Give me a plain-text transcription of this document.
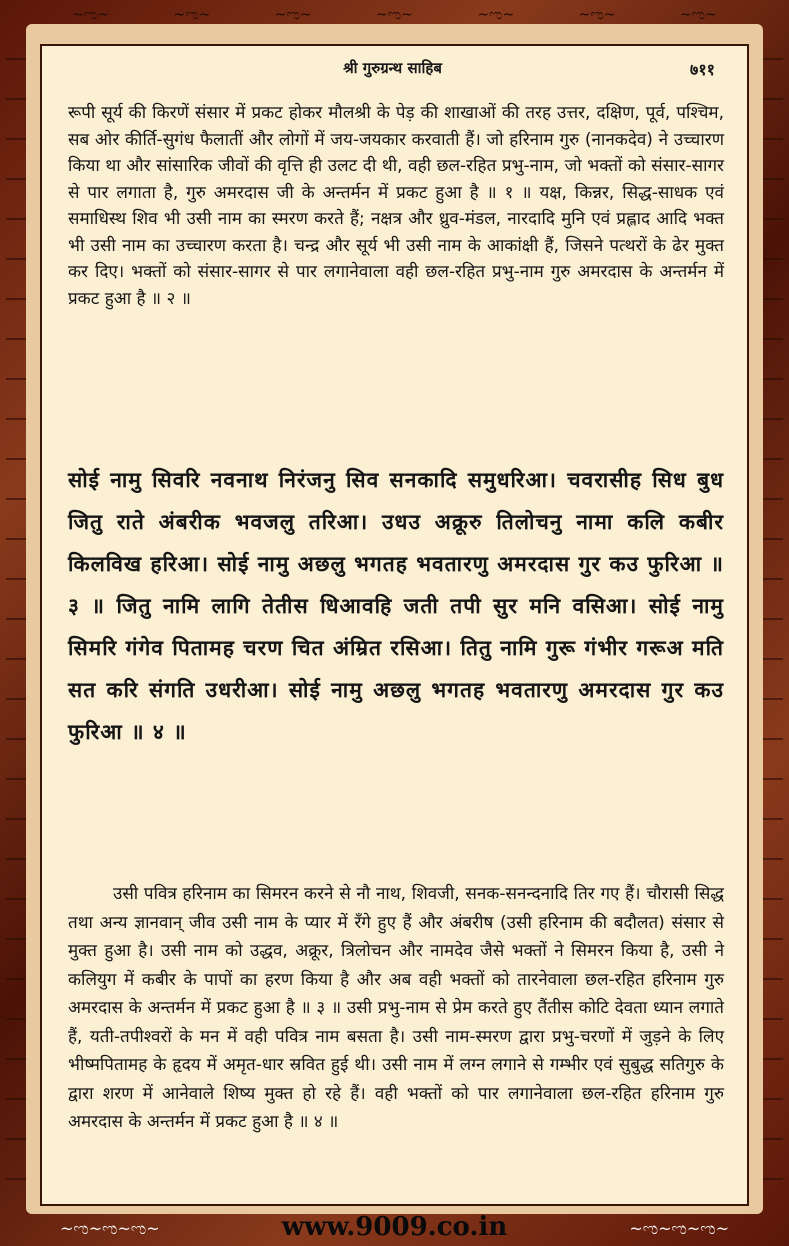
~ಌ~	~ಌ~	~ಌ~	~ಌ~	~ಌ~	~ಌ~	~ಌ~
श्री गुरुग्रन्थ साहिब	७११
रूपी सूर्य की किरणें संसार में प्रकट होकर मौलश्री के पेड़ की शाखाओं की तरह उत्तर, दक्षिण, पूर्व, पश्चिम, सब ओर कीर्ति-सुगंध फैलातीं और लोगों में जय-जयकार करवाती हैं। जो हरिनाम गुरु (नानकदेव) ने उच्चारण किया था और सांसारिक जीवों की वृत्ति ही उलट दी थी, वही छल-रहित प्रभु-नाम, जो भक्तों को संसार-सागर से पार लगाता है, गुरु अमरदास जी के अन्तर्मन में प्रकट हुआ है ॥ १ ॥ यक्ष, किन्नर, सिद्ध-साधक एवं समाधिस्थ शिव भी उसी नाम का स्मरण करते हैं; नक्षत्र और ध्रुव-मंडल, नारदादि मुनि एवं प्रह्लाद आदि भक्त भी उसी नाम का उच्चारण करता है। चन्द्र और सूर्य भी उसी नाम के आकांक्षी हैं, जिसने पत्थरों के ढेर मुक्त कर दिए। भक्तों को संसार-सागर से पार लगानेवाला वही छल-रहित प्रभु-नाम गुरु अमरदास के अन्तर्मन में प्रकट हुआ है ॥ २ ॥
सोई नामु सिवरि नवनाथ निरंजनु सिव सनकादि समुधरिआ। चवरासीह सिध बुध जितु राते अंबरीक भवजलु तरिआ। उधउ अक्रूरु तिलोचनु नामा कलि कबीर किलविख हरिआ। सोई नामु अछलु भगतह भवतारणु अमरदास गुर कउ फुरिआ ॥ ३ ॥ जितु नामि लागि तेतीस धिआवहि जती तपी सुर मनि वसिआ। सोई नामु सिमरि गंगेव पितामह चरण चित अंम्रित रसिआ। तितु नामि गुरू गंभीर गरूअ मति सत करि संगति उधरीआ। सोई नामु अछलु भगतह भवतारणु अमरदास गुर कउ फुरिआ ॥ ४ ॥
उसी पवित्र हरिनाम का सिमरन करने से नौ नाथ, शिवजी, सनक-सनन्दनादि तिर गए हैं। चौरासी सिद्ध तथा अन्य ज्ञानवान् जीव उसी नाम के प्यार में रँगे हुए हैं और अंबरीष (उसी हरिनाम की बदौलत) संसार से मुक्त हुआ है। उसी नाम को उद्धव, अक्रूर, त्रिलोचन और नामदेव जैसे भक्तों ने सिमरन किया है, उसी ने कलियुग में कबीर के पापों का हरण किया है और अब वही भक्तों को तारनेवाला छल-रहित हरिनाम गुरु अमरदास के अन्तर्मन में प्रकट हुआ है ॥ ३ ॥ उसी प्रभु-नाम से प्रेम करते हुए तैंतीस कोटि देवता ध्यान लगाते हैं, यती-तपीश्वरों के मन में वही पवित्र नाम बसता है। उसी नाम-स्मरण द्वारा प्रभु-चरणों में जुड़ने के लिए भीष्मपितामह के हृदय में अमृत-धार स्रवित हुई थी। उसी नाम में लग्न लगाने से गम्भीर एवं सुबुद्ध सतिगुरु के द्वारा शरण में आनेवाले शिष्य मुक्त हो रहे हैं। वही भक्तों को पार लगानेवाला छल-रहित हरिनाम गुरु अमरदास के अन्तर्मन में प्रकट हुआ है ॥ ४ ॥
~ಌ~ಌ~ಌ~	~ಌ~ಌ~ಌ~
www.9009.co.in
